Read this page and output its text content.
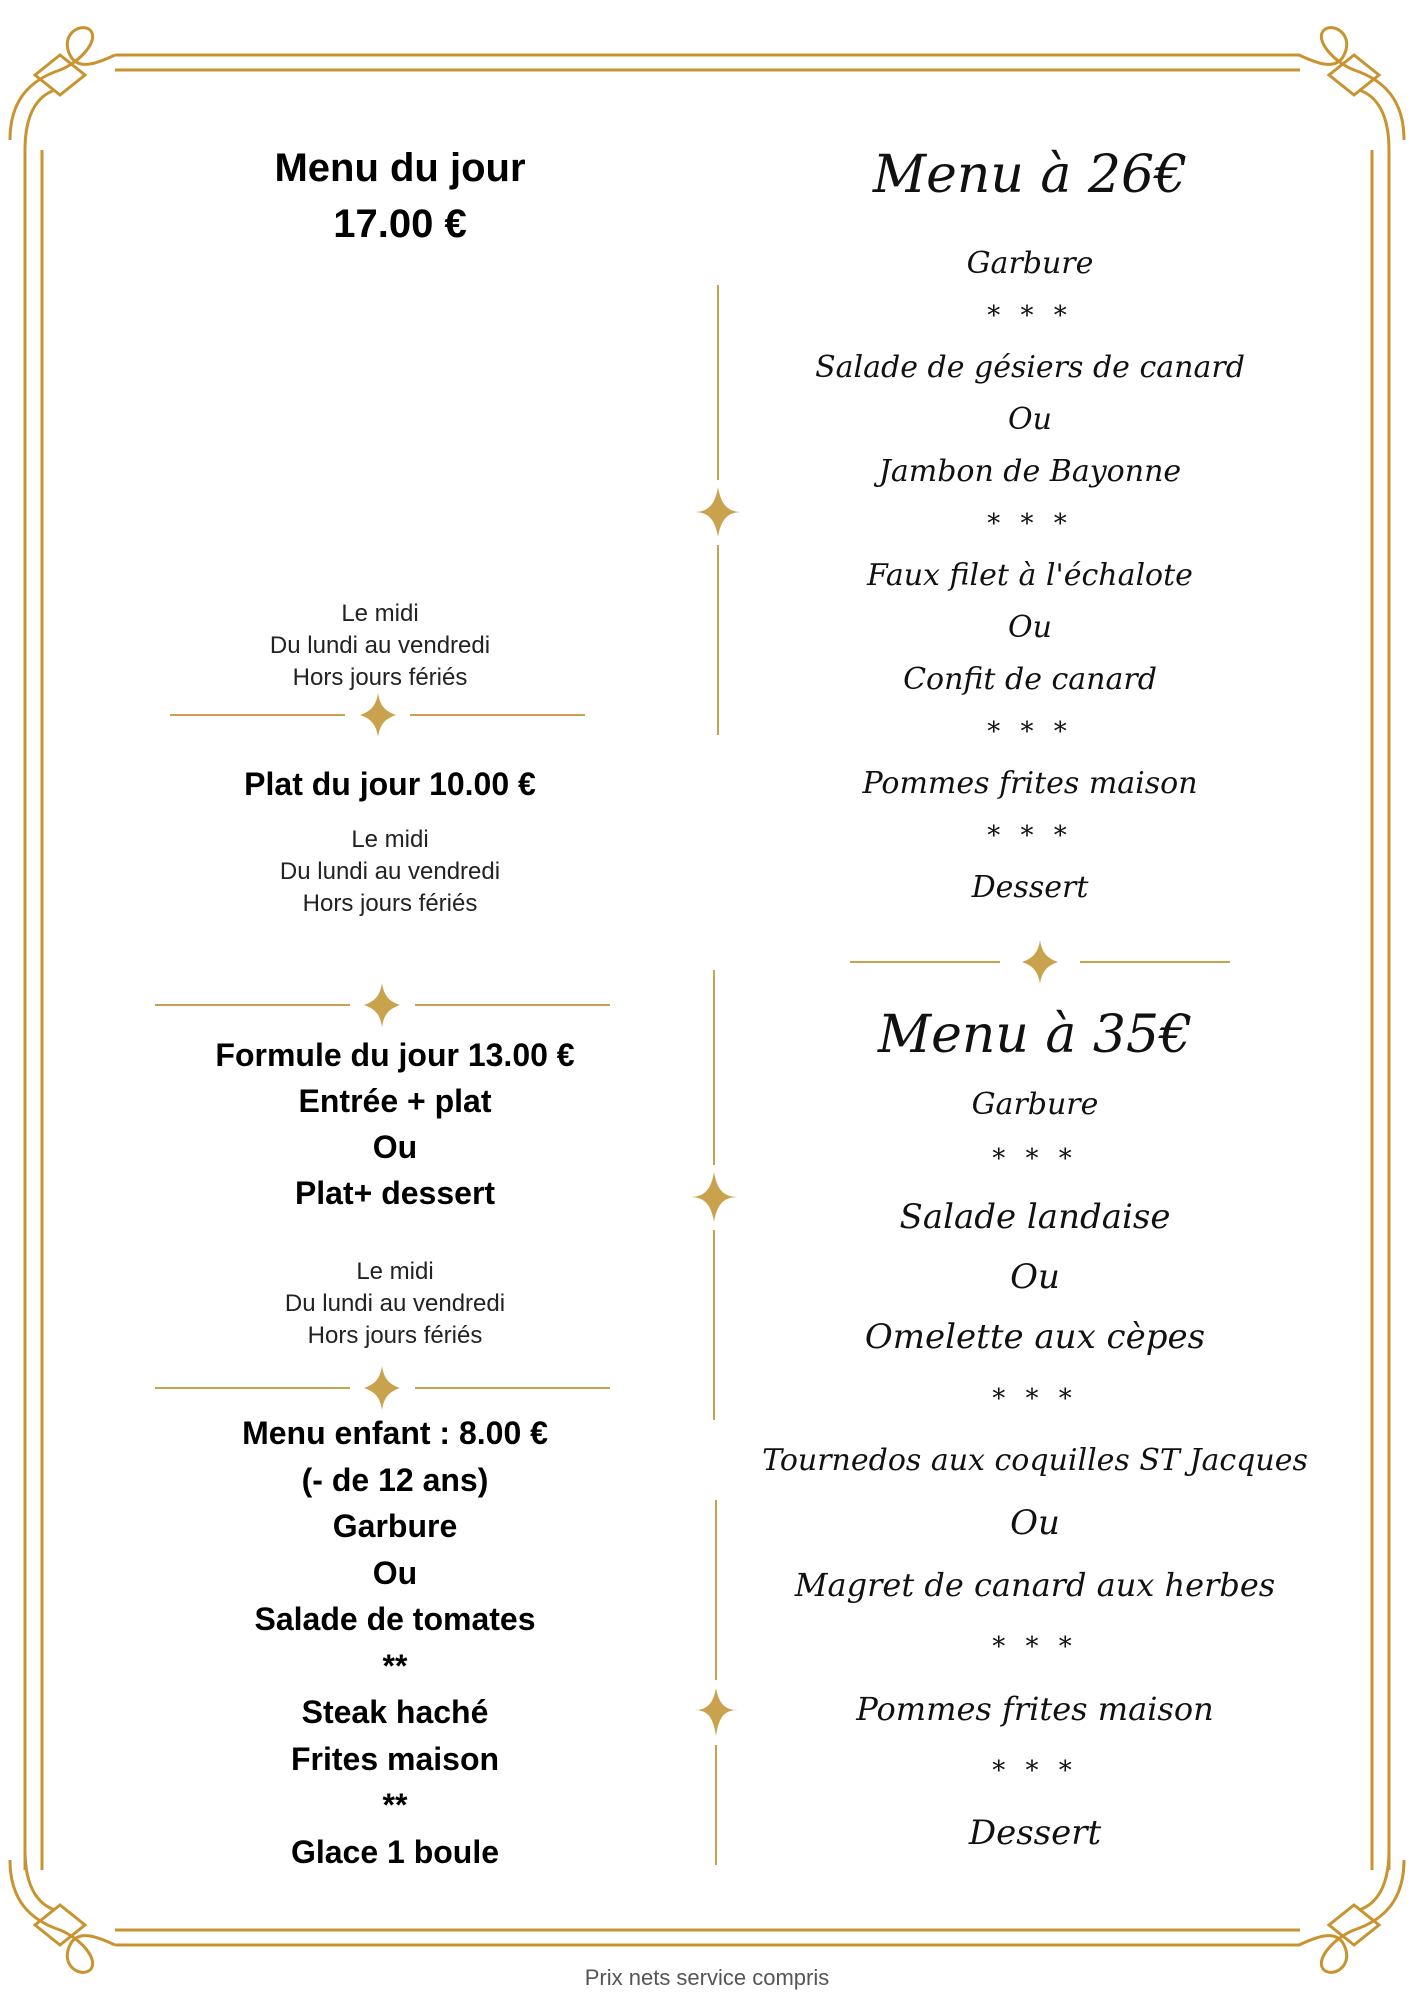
Menu du jour
17.00 €
Le midi
Du lundi au vendredi
Hors jours fériés
Plat du jour 10.00 €
Le midi
Du lundi au vendredi
Hors jours fériés
Formule du jour 13.00 €
Entrée + plat
Ou
Plat+ dessert
Le midi
Du lundi au vendredi
Hors jours fériés
Menu enfant : 8.00 €
(- de 12 ans)
Garbure
Ou
Salade de tomates
**
Steak haché
Frites maison
**
Glace 1 boule
Menu à 26€
Garbure
* * *
Salade de gésiers de canard
Ou
Jambon de Bayonne
* * *
Faux filet à l'échalote
Ou
Confit de canard
* * *
Pommes frites maison
* * *
Dessert
Menu à 35€
Garbure
* * *
Salade landaise
Ou
Omelette aux cèpes
* * *
Tournedos aux coquilles ST Jacques
Ou
Magret de canard aux herbes
* * *
Pommes frites maison
* * *
Dessert
Prix nets service compris
